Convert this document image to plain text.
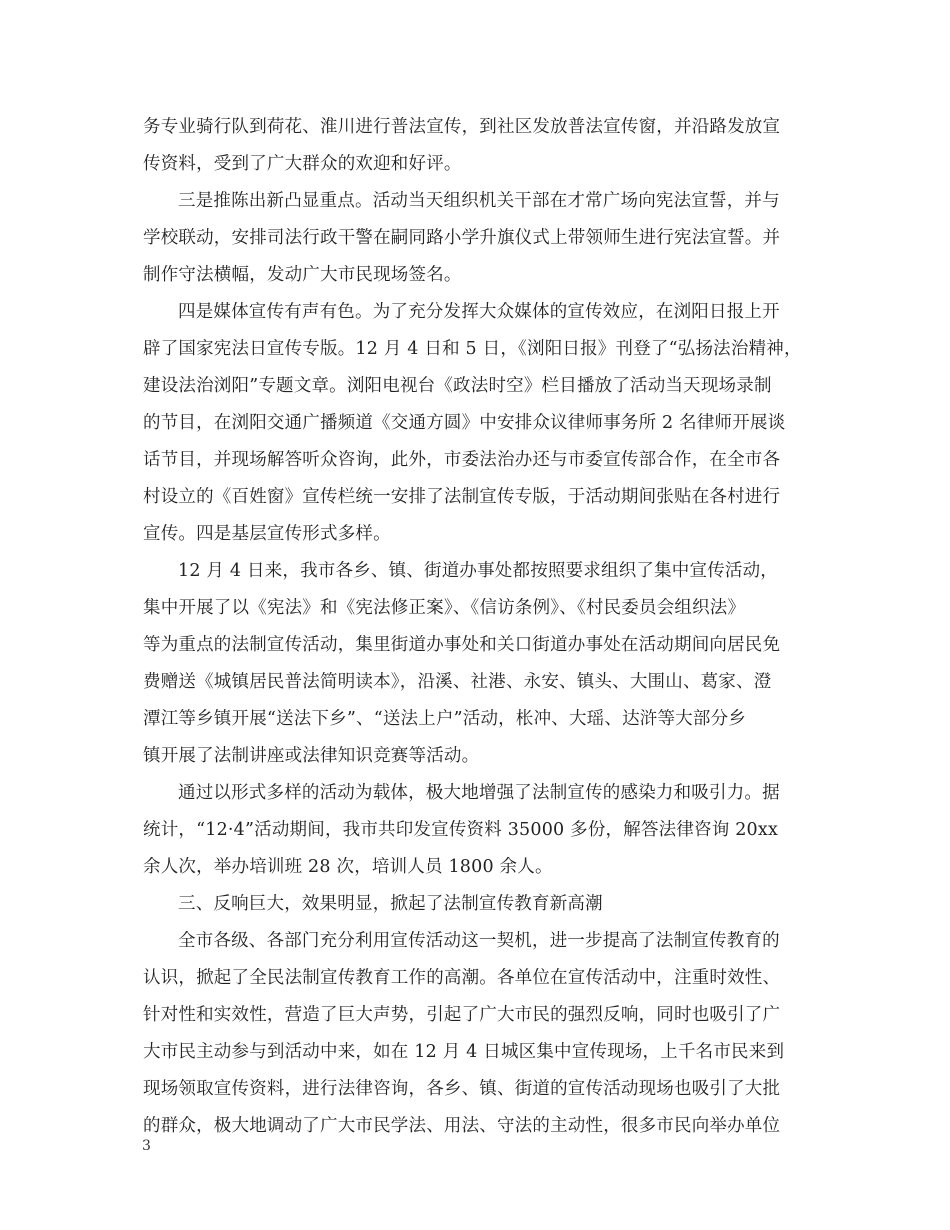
务专业骑行队到荷花、淮川进行普法宣传，到社区发放普法宣传窗，并沿路发放宣
传资料，受到了广大群众的欢迎和好评。
三是推陈出新凸显重点。活动当天组织机关干部在才常广场向宪法宣誓，并与
学校联动，安排司法行政干警在嗣同路小学升旗仪式上带领师生进行宪法宣誓。并
制作守法横幅，发动广大市民现场签名。
四是媒体宣传有声有色。为了充分发挥大众媒体的宣传效应，在浏阳日报上开
辟了国家宪法日宣传专版。12 月 4 日和 5 日，《浏阳日报》刊登了“弘扬法治精神，
建设法治浏阳”专题文章。浏阳电视台《政法时空》栏目播放了活动当天现场录制
的节目，在浏阳交通广播频道《交通方圆》中安排众议律师事务所 2 名律师开展谈
话节目，并现场解答听众咨询，此外，市委法治办还与市委宣传部合作，在全市各
村设立的《百姓窗》宣传栏统一安排了法制宣传专版，于活动期间张贴在各村进行
宣传。四是基层宣传形式多样。
12 月 4 日来，我市各乡、镇、街道办事处都按照要求组织了集中宣传活动，
集中开展了以《宪法》和《宪法修正案》、《信访条例》、《村民委员会组织法》
等为重点的法制宣传活动，集里街道办事处和关口街道办事处在活动期间向居民免
费赠送《城镇居民普法简明读本》，沿溪、社港、永安、镇头、大围山、葛家、澄
潭江等乡镇开展“送法下乡”、“送法上户”活动，枨冲、大瑶、达浒等大部分乡
镇开展了法制讲座或法律知识竞赛等活动。
通过以形式多样的活动为载体，极大地增强了法制宣传的感染力和吸引力。据
统计，“12·4”活动期间，我市共印发宣传资料 35000 多份，解答法律咨询 20xx
余人次，举办培训班 28 次，培训人员 1800 余人。
三、反响巨大，效果明显，掀起了法制宣传教育新高潮
全市各级、各部门充分利用宣传活动这一契机，进一步提高了法制宣传教育的
认识，掀起了全民法制宣传教育工作的高潮。各单位在宣传活动中，注重时效性、
针对性和实效性，营造了巨大声势，引起了广大市民的强烈反响，同时也吸引了广
大市民主动参与到活动中来，如在 12 月 4 日城区集中宣传现场，上千名市民来到
现场领取宣传资料，进行法律咨询，各乡、镇、街道的宣传活动现场也吸引了大批
的群众，极大地调动了广大市民学法、用法、守法的主动性，很多市民向举办单位
3
